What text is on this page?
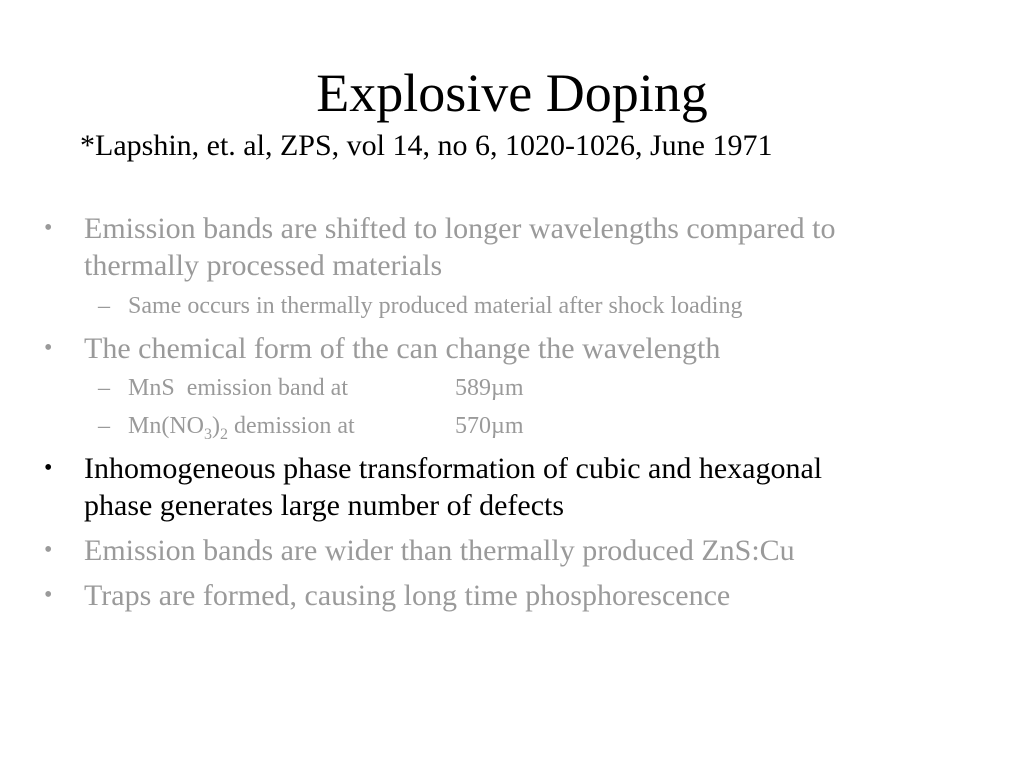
Explosive Doping
*Lapshin, et. al, ZPS, vol 14, no 6, 1020-1026, June 1971
• Emission bands are shifted to longer wavelengths compared to
thermally processed materials
– Same occurs in thermally produced material after shock loading
• The chemical form of the can change the wavelength
– MnS  emission band at	589µm
– $Mn(NO_3)_2$ demission at	570µm
• Inhomogeneous phase transformation of cubic and hexagonal
phase generates large number of defects
• Emission bands are wider than thermally produced ZnS:Cu
• Traps are formed, causing long time phosphorescence
